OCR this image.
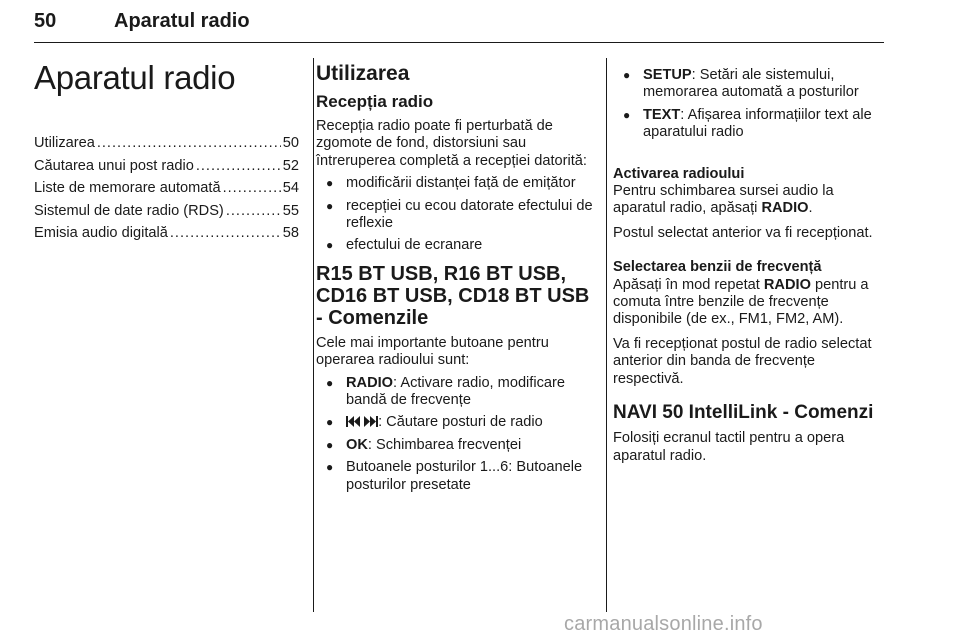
50	Aparatul radio
Aparatul radio
Utilizarea .....	50
Căutarea unui post radio .....	52
Liste de memorare automată .....	54
Sistemul de date radio (RDS) .....	55
Emisia audio digitală .....	58
Utilizarea
Recepția radio

Recepția radio poate fi perturbată de zgomote de fond, distorsiuni sau întreruperea completă a recepției datorită:

● modificării distanței față de emițător
● recepției cu ecou datorate efectului de reflexie
● efectului de ecranare
R15 BT USB, R16 BT USB, CD16 BT USB, CD18 BT USB - Comenzile

Cele mai importante butoane pentru operarea radioului sunt:

● RADIO: Activare radio, modificare bandă de frecvențe
● : Căutare posturi de radio
● OK: Schimbarea frecvenței
● Butoanele posturilor 1...6: Butoanele posturilor presetate
● SETUP: Setări ale sistemului, memorarea automată a posturilor
● TEXT: Afișarea informațiilor text ale aparatului radio
Activarea radioului

Pentru schimbarea sursei audio la aparatul radio, apăsați RADIO.

Postul selectat anterior va fi recepționat.

Selectarea benzii de frecvență

Apăsați în mod repetat RADIO pentru a comuta între benzile de frecvențe disponibile (de ex., FM1, FM2, AM).

Va fi recepționat postul de radio selectat anterior din banda de frecvențe respectivă.

NAVI 50 IntelliLink - Comenzi

Folosiți ecranul tactil pentru a opera aparatul radio.

carmanualsonline.info
